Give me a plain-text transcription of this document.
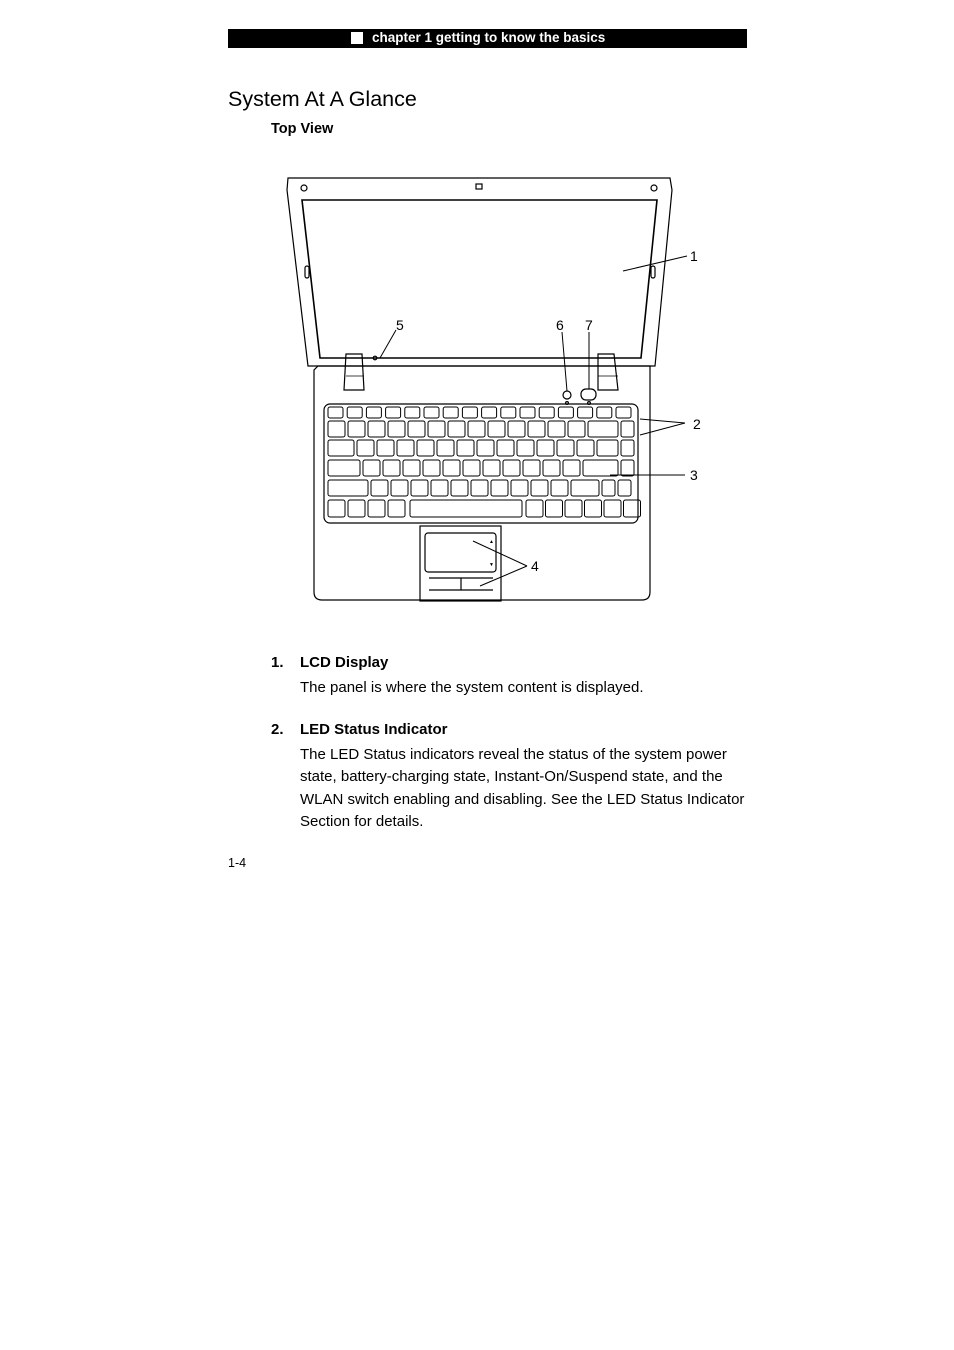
chapter 1 getting to know the basics
System At A Glance
Top View
▲
▼
1
2
3
4
5	6 7
1. LCD Display
The panel is where the system content is displayed.
2. LED Status Indicator
The LED Status indicators reveal the status of the system power state, battery-charging state, Instant-On/Suspend state, and the WLAN switch enabling and disabling. See the LED Status Indicator Section for details.
1-4
